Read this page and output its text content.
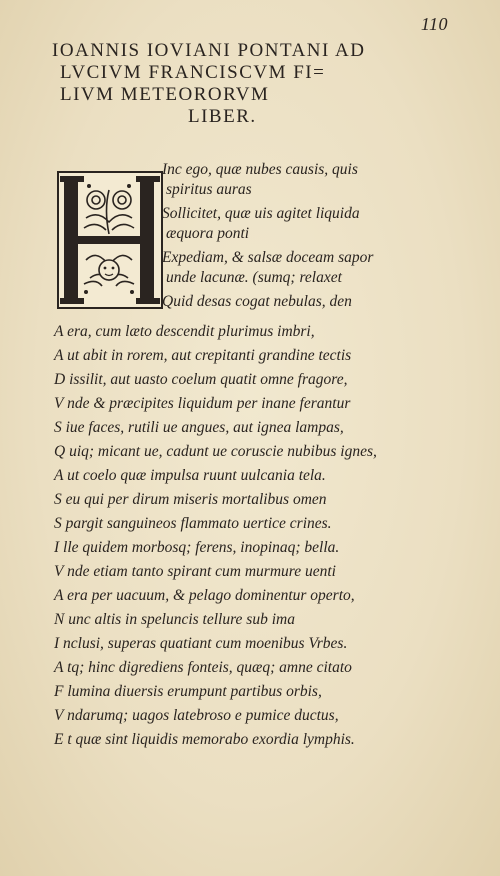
110
IOANNIS IOVIANI PONTANI AD
LVCIVM FRANCISCVM FI=
LIVM METEORORVM
LIBER.
Inc ego, quæ nubes causis, quis
spiritus auras
Sollicitet, quæ uis agitet liquida
æquora ponti
Expediam, & salsæ doceam sapor
unde lacunæ. (sumq; relaxet
Quid desas cogat nebulas, den
A era, cum læto descendit plurimus imbri,
A ut abit in rorem, aut crepitanti grandine tectis
D issilit, aut uasto coelum quatit omne fragore,
V nde & præcipites liquidum per inane ferantur
S iue faces, rutili ue angues, aut ignea lampas,
Q uiq; micant ue, cadunt ue coruscie nubibus ignes,
A ut coelo quæ impulsa ruunt uulcania tela.
S eu qui per dirum miseris mortalibus omen
S pargit sanguineos flammato uertice crines.
I lle quidem morbosq; ferens, inopinaq; bella.
V nde etiam tanto spirant cum murmure uenti
A era per uacuum, & pelago dominentur operto,
N unc altis in speluncis tellure sub ima
I nclusi, superas quatiant cum moenibus Vrbes.
A tq; hinc digrediens fonteis, quæq; amne citato
F lumina diuersis erumpunt partibus orbis,
V ndarumq; uagos latebroso e pumice ductus,
E t quæ sint liquidis memorabo exordia lymphis.
